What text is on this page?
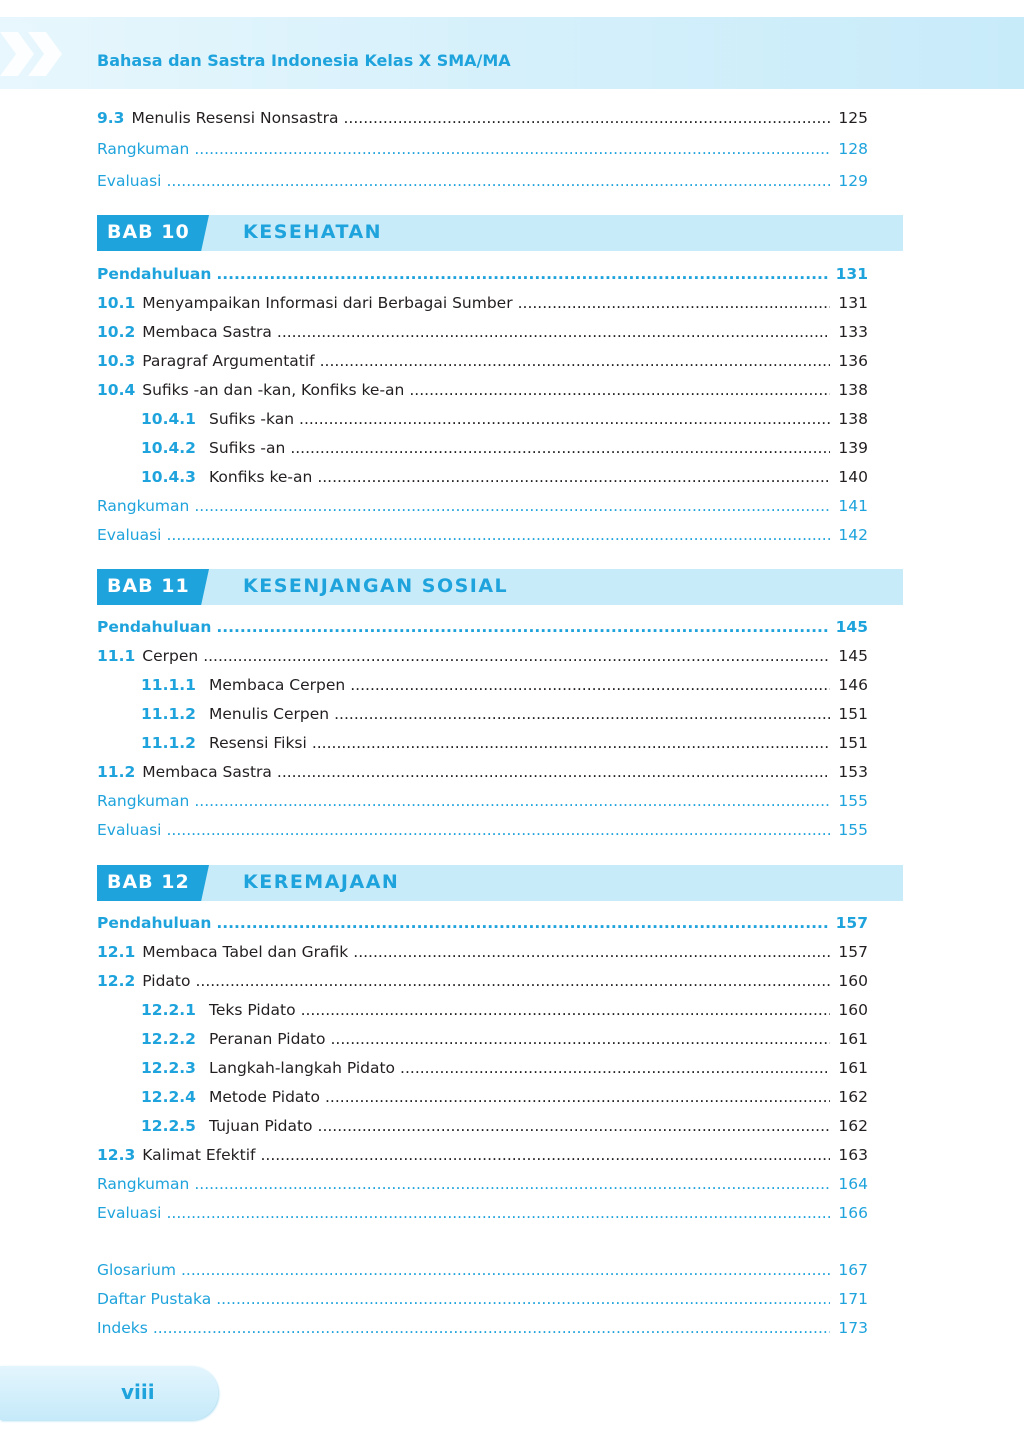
Bahasa dan Sastra Indonesia Kelas X SMA/MA
9.3 Menulis Resensi Nonsastra .....	125
Rangkuman .....	128
Evaluasi .....	129
BAB 10	KESEHATAN
Pendahuluan .....	131
10.1 Menyampaikan Informasi dari Berbagai Sumber .....	131
10.2 Membaca Sastra .....	133
10.3 Paragraf Argumentatif .....	136
10.4 Sufiks -an dan -kan, Konfiks ke-an .....	138
10.4.1 Sufiks -kan .....	138
10.4.2 Sufiks -an .....	139
10.4.3 Konfiks ke-an .....	140
Rangkuman .....	141
Evaluasi .....	142
BAB 11	KESENJANGAN SOSIAL
Pendahuluan .....	145
11.1 Cerpen .....	145
11.1.1 Membaca Cerpen .....	146
11.1.2 Menulis Cerpen .....	151
11.1.2 Resensi Fiksi .....	151
11.2 Membaca Sastra .....	153
Rangkuman .....	155
Evaluasi .....	155
BAB 12	KEREMAJAAN
Pendahuluan .....	157
12.1 Membaca Tabel dan Grafik .....	157
12.2 Pidato .....	160
12.2.1 Teks Pidato .....	160
12.2.2 Peranan Pidato .....	161
12.2.3 Langkah-langkah Pidato .....	161
12.2.4 Metode Pidato .....	162
12.2.5 Tujuan Pidato .....	162
12.3 Kalimat Efektif .....	163
Rangkuman .....	164
Evaluasi .....	166
Glosarium .....	167
Daftar Pustaka .....	171
Indeks .....	173
viii
